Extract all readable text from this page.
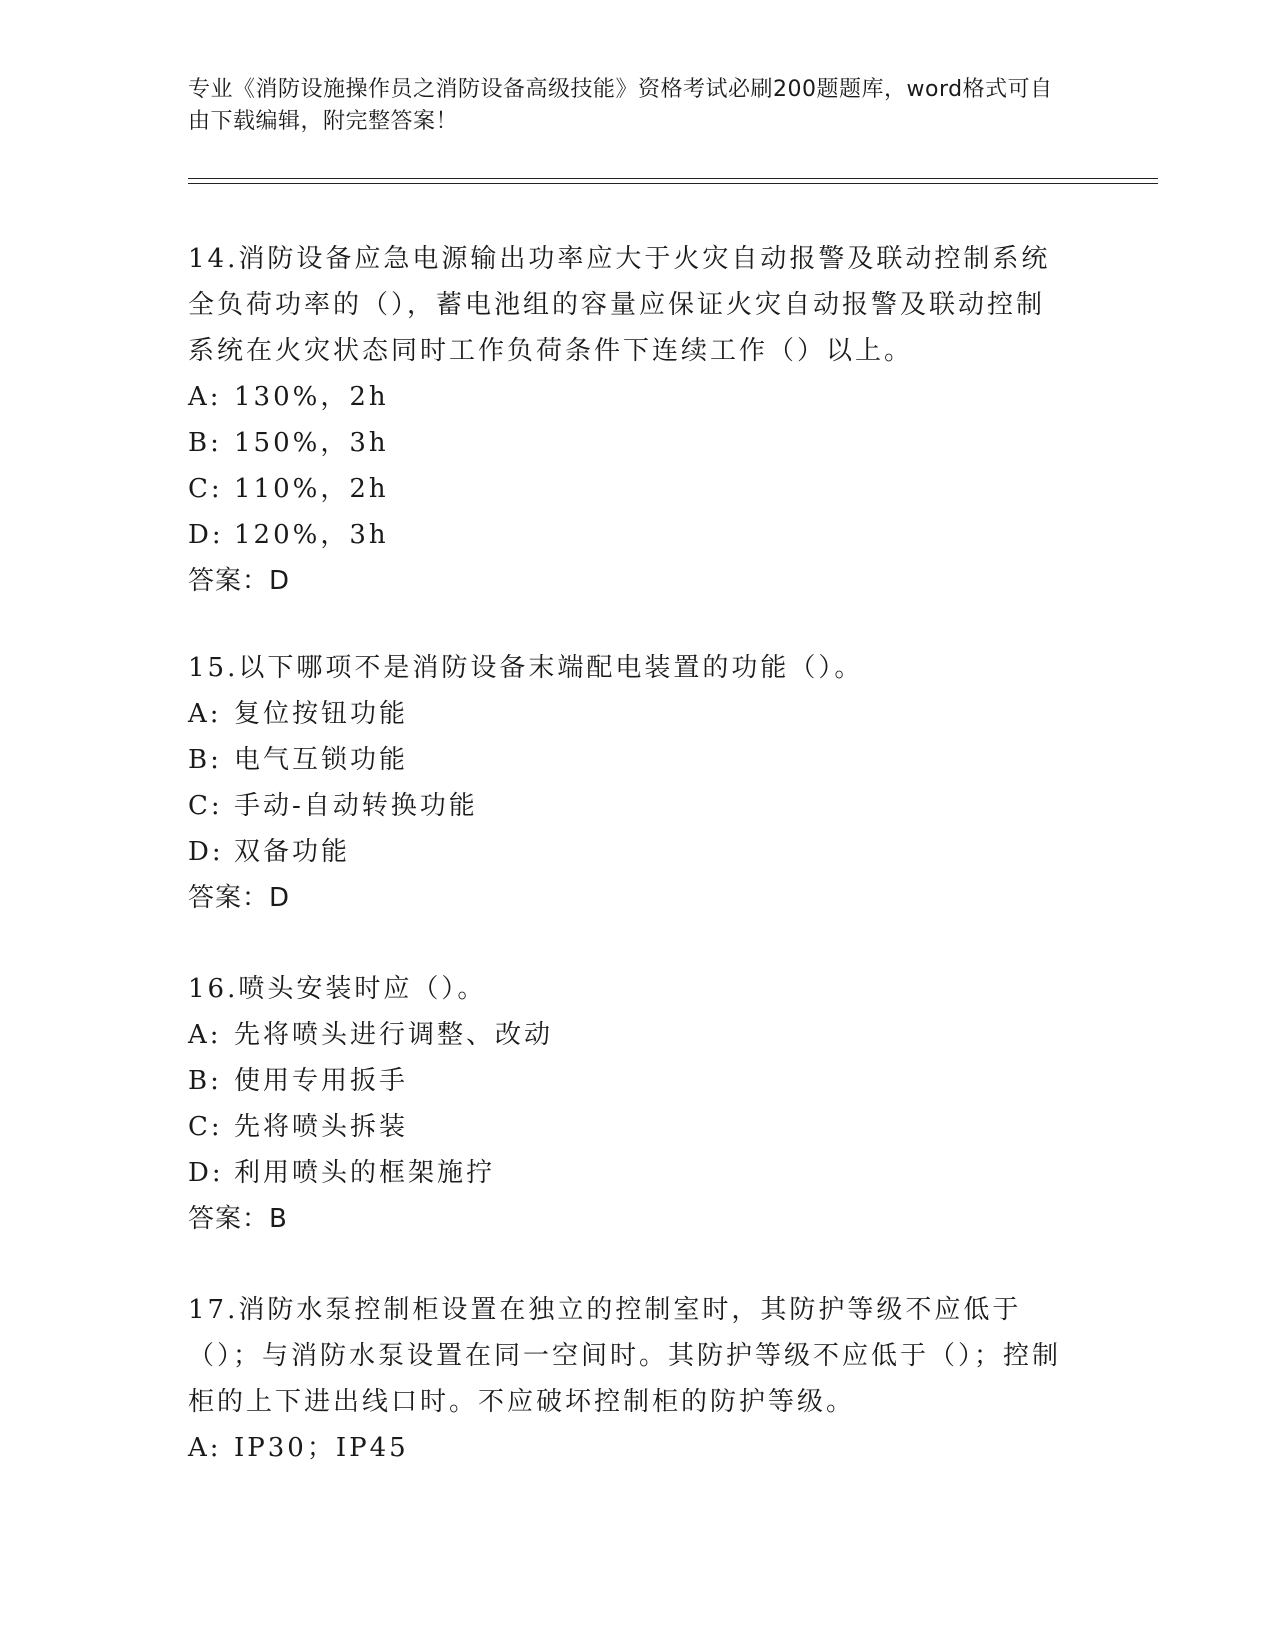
专业《消防设施操作员之消防设备高级技能》资格考试必刷200题题库，word格式可自由下载编辑，附完整答案！
14.消防设备应急电源输出功率应大于火灾自动报警及联动控制系统全负荷功率的（），蓄电池组的容量应保证火灾自动报警及联动控制系统在火灾状态同时工作负荷条件下连续工作（）以上。
A: 130%，2h
B: 150%，3h
C: 110%，2h
D: 120%，3h
答案：D
15.以下哪项不是消防设备末端配电装置的功能（）。
A: 复位按钮功能
B: 电气互锁功能
C: 手动-自动转换功能
D: 双备功能
答案：D
16.喷头安装时应（）。
A: 先将喷头进行调整、改动
B: 使用专用扳手
C: 先将喷头拆装
D: 利用喷头的框架施拧
答案：B
17.消防水泵控制柜设置在独立的控制室时，其防护等级不应低于（）；与消防水泵设置在同一空间时。其防护等级不应低于（）；控制柜的上下进出线口时。不应破坏控制柜的防护等级。
A: IP30；IP45
